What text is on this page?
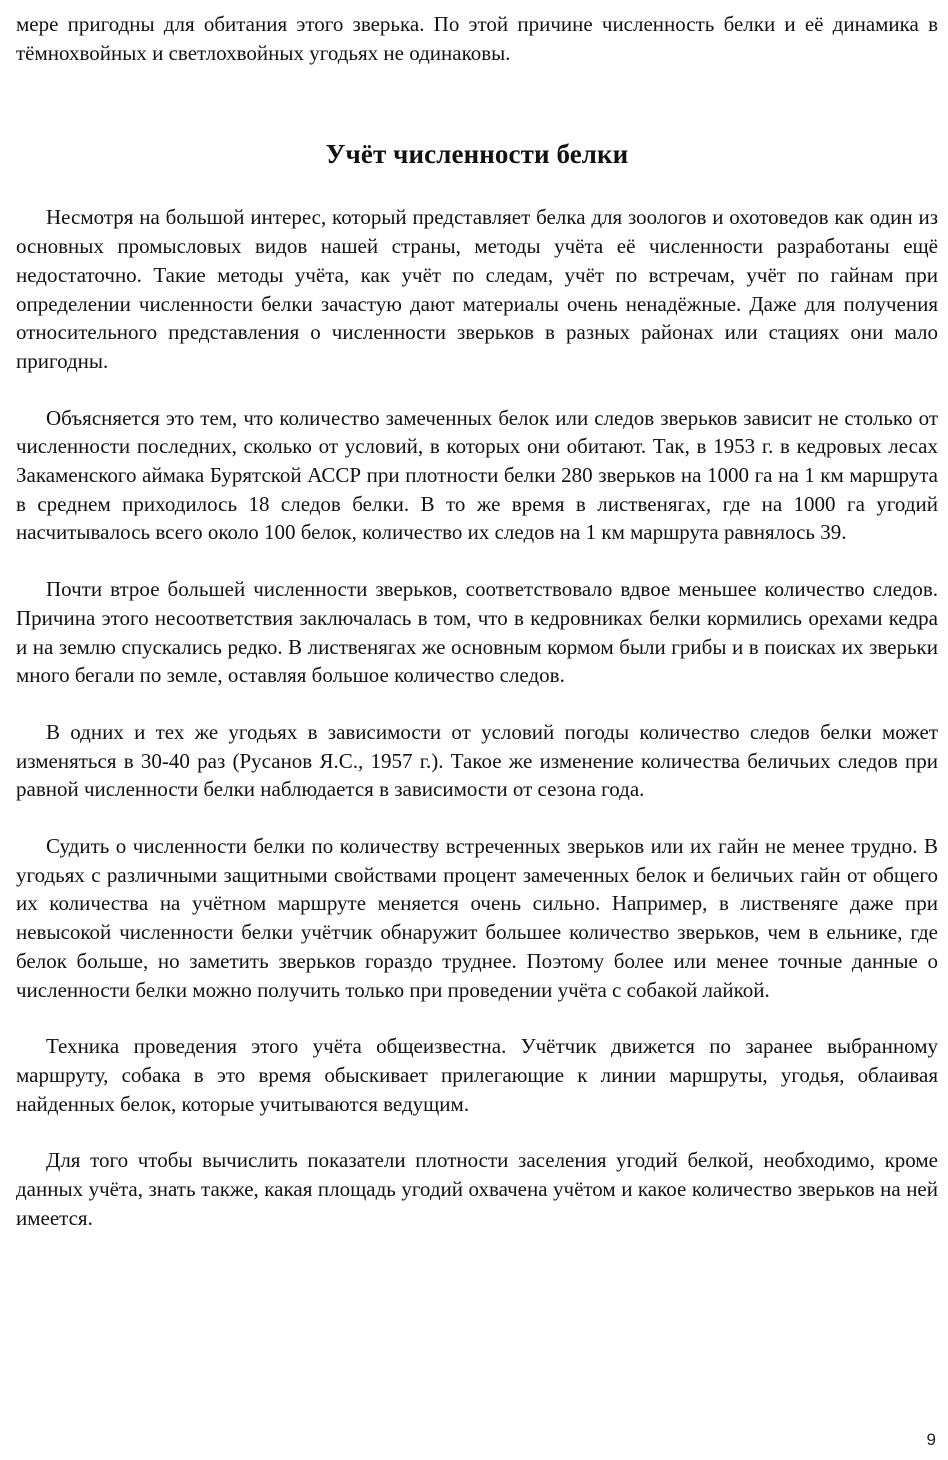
мере пригодны для обитания этого зверька. По этой причине численность белки и её динамика в тёмнохвойных и светлохвойных угодьях не одинаковы.

Учёт численности белки

Несмотря на большой интерес, который представляет белка для зоологов и охотоведов как один из основных промысловых видов нашей страны, методы учёта её численности разработаны ещё недостаточно. Такие методы учёта, как учёт по следам, учёт по встречам, учёт по гайнам при определении численности белки зачастую дают материалы очень ненадёжные. Даже для получения относительного представления о численности зверьков в разных районах или стациях они мало пригодны.

Объясняется это тем, что количество замеченных белок или следов зверьков зависит не столько от численности последних, сколько от условий, в которых они обитают. Так, в 1953 г. в кедровых лесах Закаменского аймака Бурятской АССР при плотности белки 280 зверьков на 1000 га на 1 км маршрута в среднем приходилось 18 следов белки. В то же время в лиственягах, где на 1000 га угодий насчитывалось всего около 100 белок, количество их следов на 1 км маршрута равнялось 39.

Почти втрое большей численности зверьков, соответствовало вдвое меньшее количество следов. Причина этого несоответствия заключалась в том, что в кедровниках белки кормились орехами кедра и на землю спускались редко. В лиственягах же основным кормом были грибы и в поисках их зверьки много бегали по земле, оставляя большое количество следов.

В одних и тех же угодьях в зависимости от условий погоды количество следов белки может изменяться в 30-40 раз (Русанов Я.С., 1957 г.). Такое же изменение количества беличьих следов при равной численности белки наблюдается в зависимости от сезона года.

Судить о численности белки по количеству встреченных зверьков или их гайн не менее трудно. В угодьях с различными защитными свойствами процент замеченных белок и беличьих гайн от общего их количества на учётном маршруте меняется очень сильно. Например, в лиственяге даже при невысокой численности белки учётчик обнаружит большее количество зверьков, чем в ельнике, где белок больше, но заметить зверьков гораздо труднее. Поэтому более или менее точные данные о численности белки можно получить только при проведении учёта с собакой лайкой.

Техника проведения этого учёта общеизвестна. Учётчик движется по заранее выбранному маршруту, собака в это время обыскивает прилегающие к линии маршруты, угодья, облаивая найденных белок, которые учитываются ведущим.

Для того чтобы вычислить показатели плотности заселения угодий белкой, необходимо, кроме данных учёта, знать также, какая площадь угодий охвачена учётом и какое количество зверьков на ней имеется.

9
